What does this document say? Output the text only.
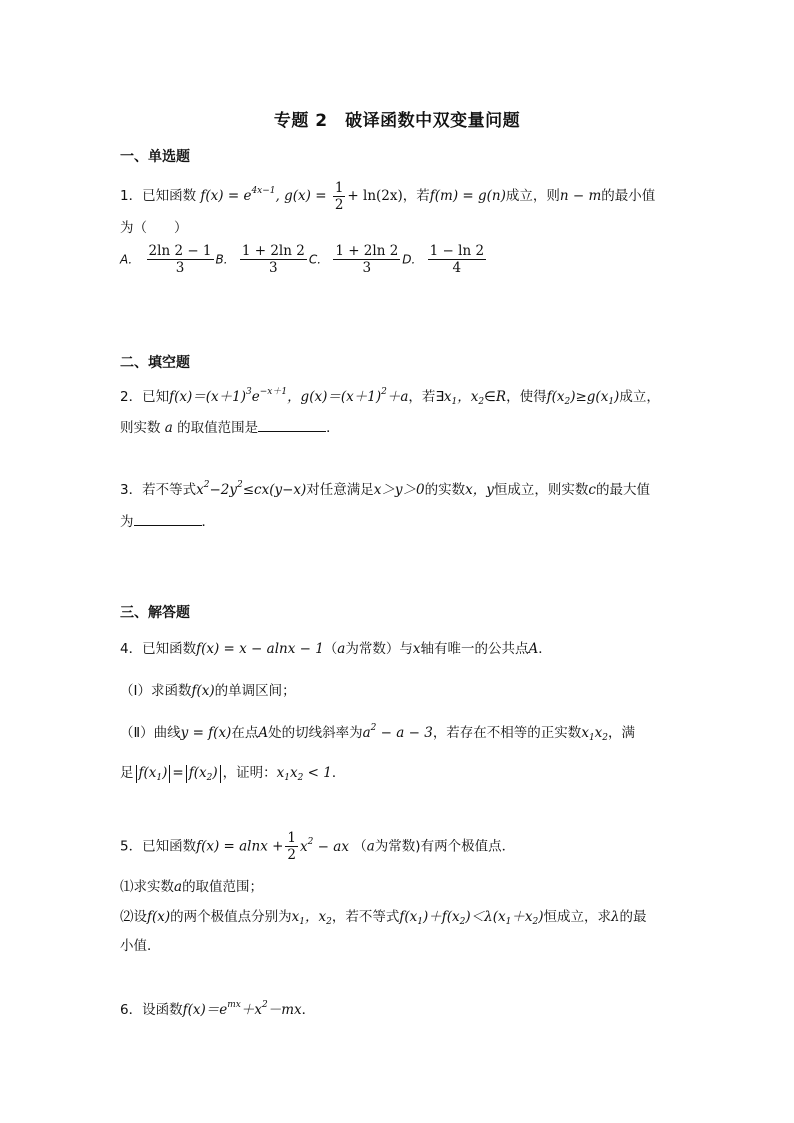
专题 2　破译函数中双变量问题
一、单选题
1．已知函数 $f(x) = e^{4x-1}$, $g(x) = \frac{1}{2} + \ln(2x)$，若f(m) = g(n)成立，则n − m的最小值
为（　　）
A. $\frac{2\ln 2 - 1}{3} B$. $\frac{1 + 2\ln 2}{3} C$. $\frac{1 + 2\ln 2}{3} D$. $\frac{1 - \ln 2}{4}$
二、填空题
2．已知$f(x)=(x+1)^3e^{-x+1}$，$g(x)=(x+1)^2+a$，若$\exists x_1$，$x_2\in R$，使得$f(x_2)\ge g(x_1)$成立，
则实数 a 的取值范围是	．
3．若不等式$x^2-2y^2\le cx(y-x)$对任意满足x＞y＞0的实数x，y恒成立，则实数c的最大值
为	．
三、解答题
4．已知函数f(x) = x − alnx − 1（a为常数）与x轴有唯一的公共点A．
（Ⅰ）求函数f(x)的单调区间；
（Ⅱ）曲线y = f(x)在点A处的切线斜率为$a^2 - a - 3$，若存在不相等的正实数$x_1x_2$，满
足 $f(x_1) = f(x_2)$ ，证明：$x_1x_2 < 1$．
5．已知函数$f(x) = alnx + \frac{1}{2} x^2$ − ax （a为常数)有两个极值点．
⑴求实数a的取值范围；
⑵设f(x)的两个极值点分别为$x_1$，$x_2$，若不等式$f(x_1)+f(x_2)<\lambda(x_1+x_2)$恒成立，求λ的最
小值．
6．设函数$f(x)=e^{mx}+x^2-mx$．
